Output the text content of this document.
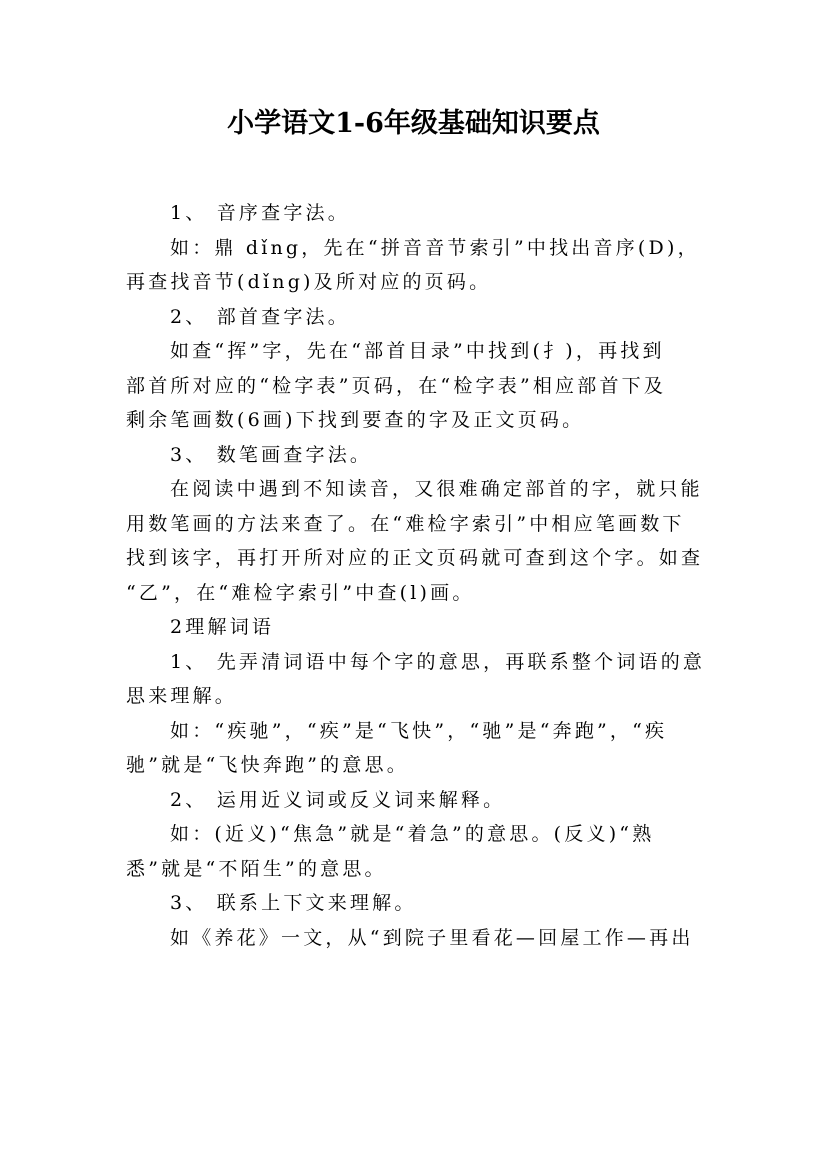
小学语文1-6年级基础知识要点
1、 音序查字法。
如：鼎 dǐng，先在“拼音音节索引”中找出音序(D)，
再查找音节(dǐng)及所对应的页码。
2、 部首查字法。
如查“挥”字，先在“部首目录”中找到(扌)，再找到
部首所对应的“检字表”页码，在“检字表”相应部首下及
剩余笔画数(6画)下找到要查的字及正文页码。
3、 数笔画查字法。
在阅读中遇到不知读音，又很难确定部首的字，就只能
用数笔画的方法来查了。在“难检字索引”中相应笔画数下
找到该字，再打开所对应的正文页码就可查到这个字。如查
“乙”，在“难检字索引”中查(l)画。
2理解词语
1、 先弄清词语中每个字的意思，再联系整个词语的意
思来理解。
如：“疾驰”，“疾”是“飞快”，“驰”是“奔跑”，“疾
驰”就是“飞快奔跑”的意思。
2、 运用近义词或反义词来解释。
如：(近义)“焦急”就是“着急”的意思。(反义)“熟
悉”就是“不陌生”的意思。
3、 联系上下文来理解。
如《养花》一文，从“到院子里看花—回屋工作—再出
